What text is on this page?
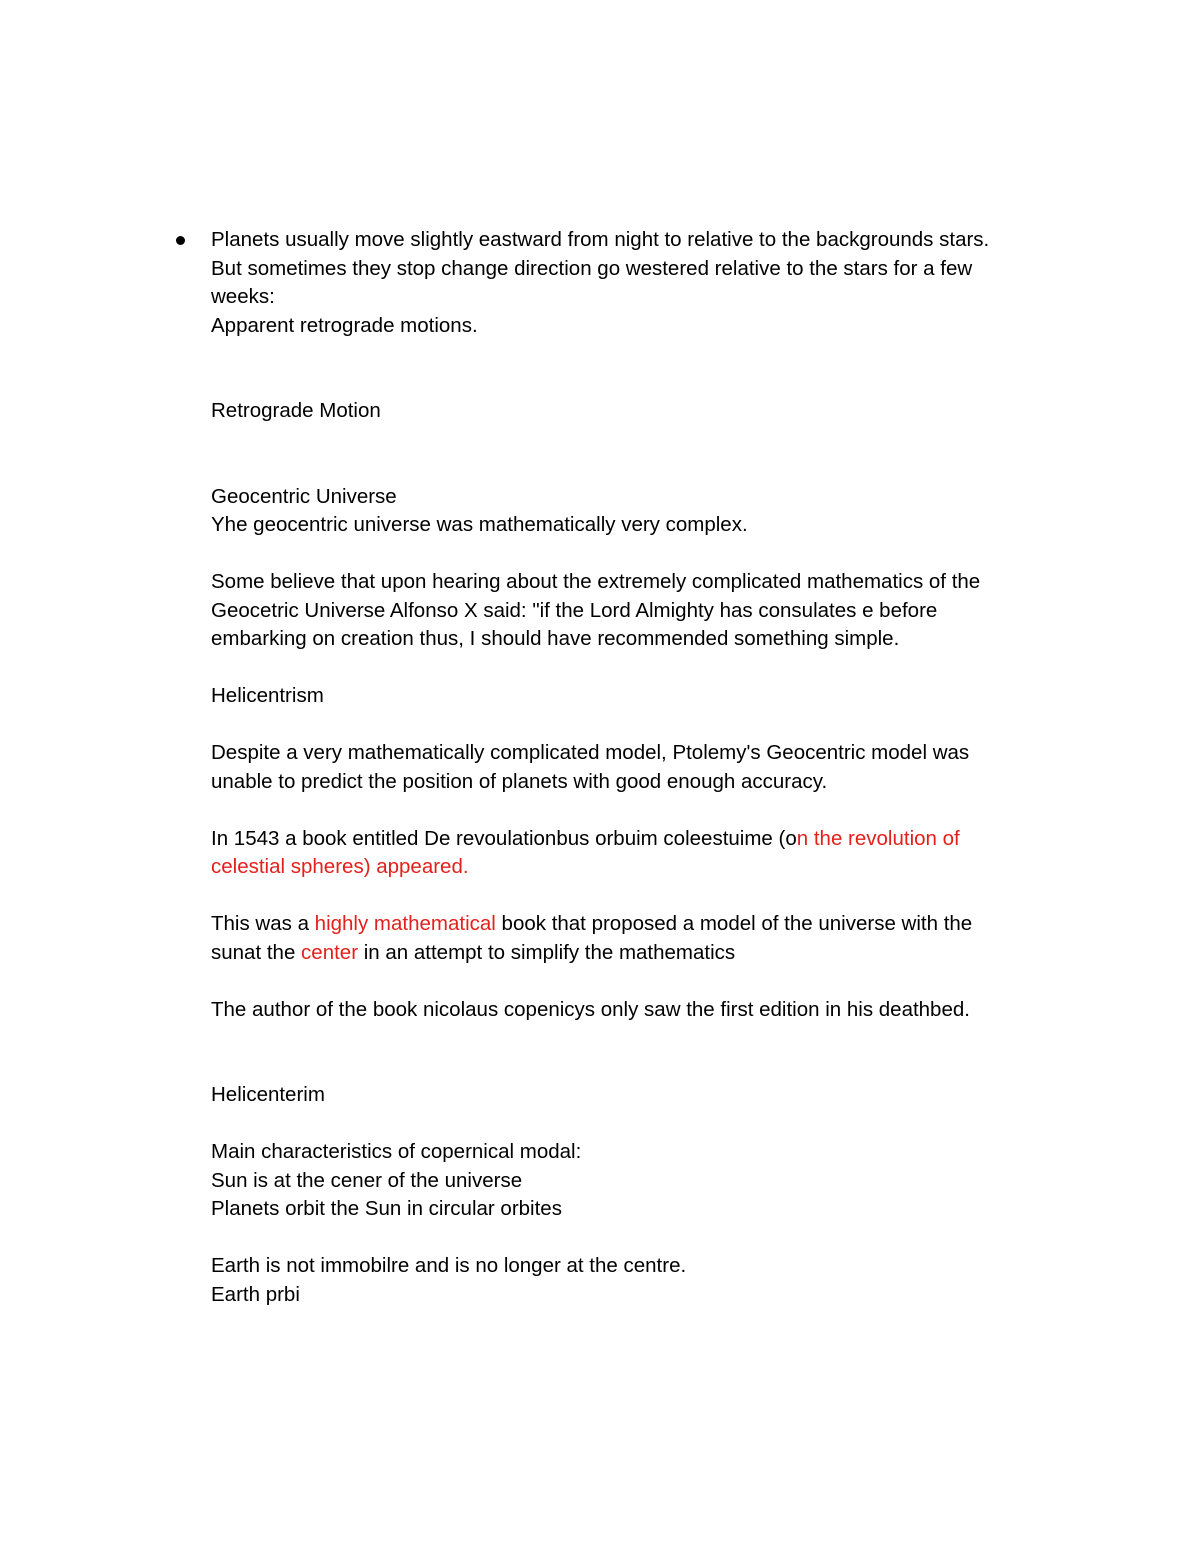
Planets usually move slightly eastward from night to relative to the backgrounds stars.

But sometimes they stop change direction go westered relative to the stars for a few

weeks:

Apparent retrograde motions.

Retrograde Motion

Geocentric Universe

Yhe geocentric universe was mathematically very complex.

Some believe that upon hearing about the extremely complicated mathematics of the

Geocetric Universe Alfonso X said: "if the Lord Almighty has consulates e before

embarking on creation thus, I should have recommended something simple.

Helicentrism

Despite a very mathematically complicated model, Ptolemy's Geocentric model was

unable to predict the position of planets with good enough accuracy.

In 1543 a book entitled De revoulationbus orbuim coleestuime (on the revolution of

celestial spheres) appeared.

This was a highly mathematical book that proposed a model of the universe with the

sunat the center in an attempt to simplify the mathematics

The author of the book nicolaus copenicys only saw the first edition in his deathbed.

Helicenterim

Main characteristics of copernical modal:

Sun is at the cener of the universe

Planets orbit the Sun in circular orbites

Earth is not immobilre and is no longer at the centre.

Earth prbi
